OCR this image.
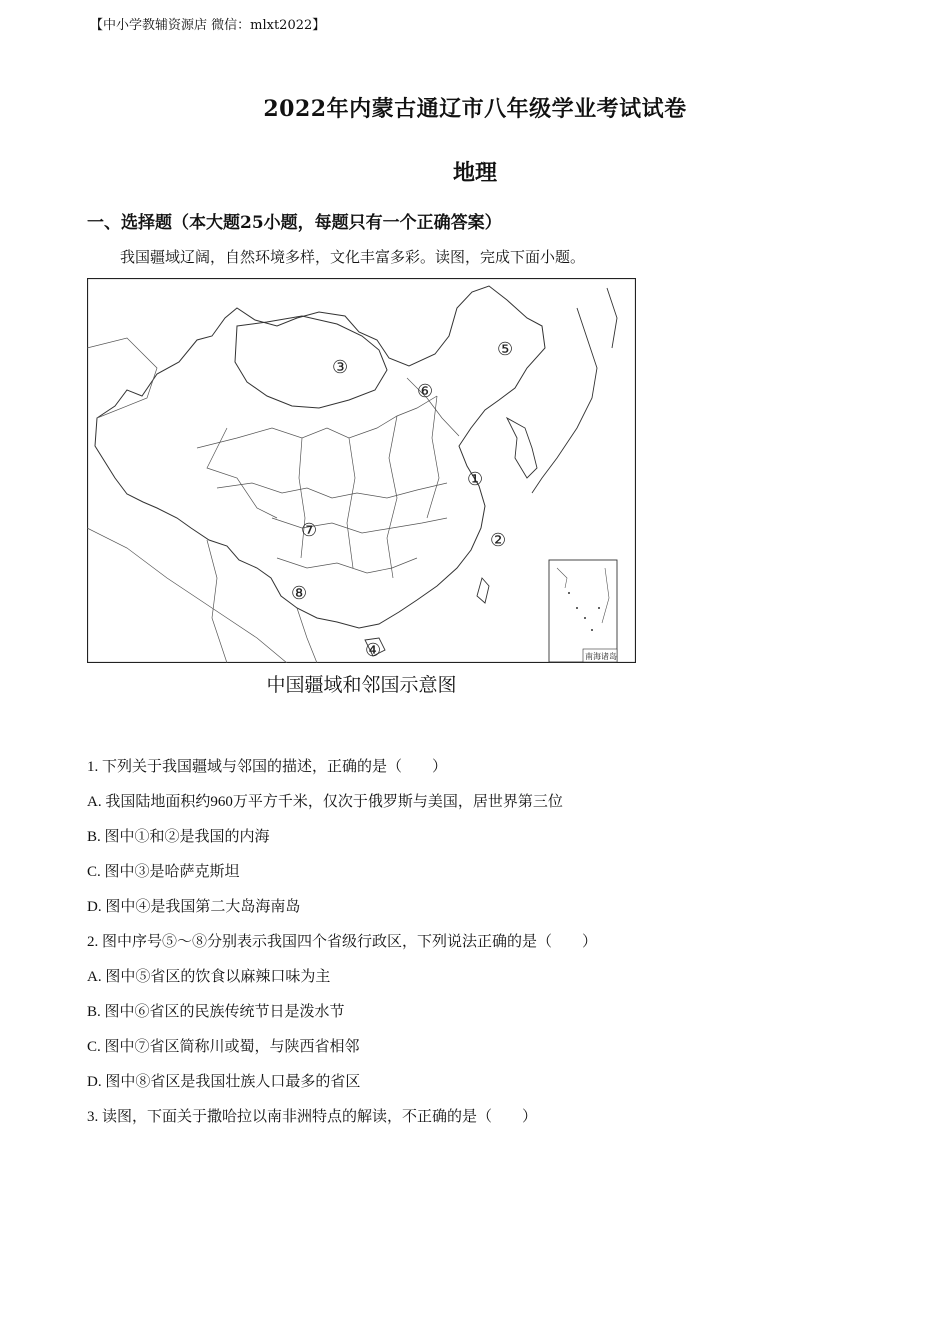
【中小学教辅资源店 微信：mlxt2022】
2022年内蒙古通辽市八年级学业考试试卷
地理
一、选择题（本大题25小题，每题只有一个正确答案）
我国疆域辽阔，自然环境多样，文化丰富多彩。读图，完成下面小题。
①
②
③
④
⑤
⑥
⑦
⑧
南海诸岛
中国疆域和邻国示意图
1. 下列关于我国疆域与邻国的描述，正确的是（　　）
A. 我国陆地面积约960万平方千米，仅次于俄罗斯与美国，居世界第三位
B. 图中①和②是我国的内海
C. 图中③是哈萨克斯坦
D. 图中④是我国第二大岛海南岛
2. 图中序号⑤～⑧分别表示我国四个省级行政区，下列说法正确的是（　　）
A. 图中⑤省区的饮食以麻辣口味为主
B. 图中⑥省区的民族传统节日是泼水节
C. 图中⑦省区简称川或蜀，与陕西省相邻
D. 图中⑧省区是我国壮族人口最多的省区
3. 读图，下面关于撒哈拉以南非洲特点的解读，不正确的是（　　）
